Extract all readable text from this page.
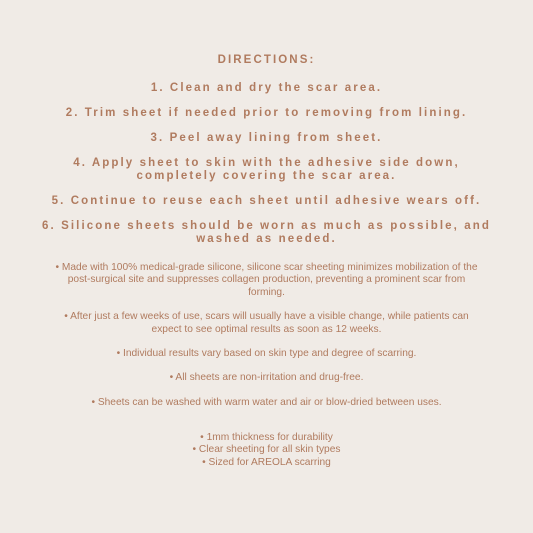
DIRECTIONS:
1. Clean and dry the scar area.
2. Trim sheet if needed prior to removing from lining.
3. Peel away lining from sheet.
4. Apply sheet to skin with the adhesive side down, completely covering the scar area.
5. Continue to reuse each sheet until adhesive wears off.
6. Silicone sheets should be worn as much as possible, and washed as needed.
• Made with 100% medical-grade silicone, silicone scar sheeting minimizes mobilization of the post-surgical site and suppresses collagen production, preventing a prominent scar from forming.
• After just a few weeks of use, scars will usually have a visible change, while patients can expect to see optimal results as soon as 12 weeks.
• Individual results vary based on skin type and degree of scarring.
• All sheets are non-irritation and drug-free.
• Sheets can be washed with warm water and air or blow-dried between uses.
• 1mm thickness for durability
• Clear sheeting for all skin types
• Sized for AREOLA scarring
